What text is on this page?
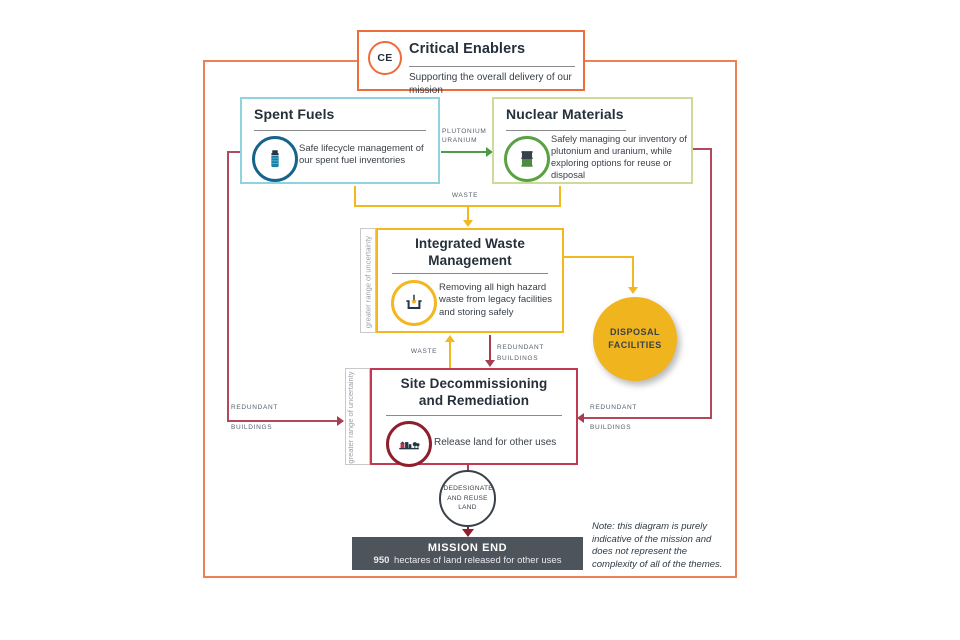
PLUTONIUM
URANIUM
WASTE
WASTE
REDUNDANT
BUILDINGS
REDUNDANT
BUILDINGS
REDUNDANT
BUILDINGS
CE
Critical Enablers
Supporting the overall delivery of our mission
Spent Fuels
Safe lifecycle management of our spent fuel inventories
Nuclear Materials
Safely managing our inventory of plutonium and uranium, while exploring options for reuse or disposal
greater range of uncertainty	Integrated Waste Management
Removing all high hazard waste from legacy facilities and storing safely
DISPOSAL FACILITIES
greater range of uncertainty	Site Decommissioning and Remediation
Release land for other uses
DEDESIGNATE AND REUSE LAND
MISSION END
950 hectares of land released for other uses
Note: this diagram is purely indicative of the mission and does not represent the complexity of all of the themes.
